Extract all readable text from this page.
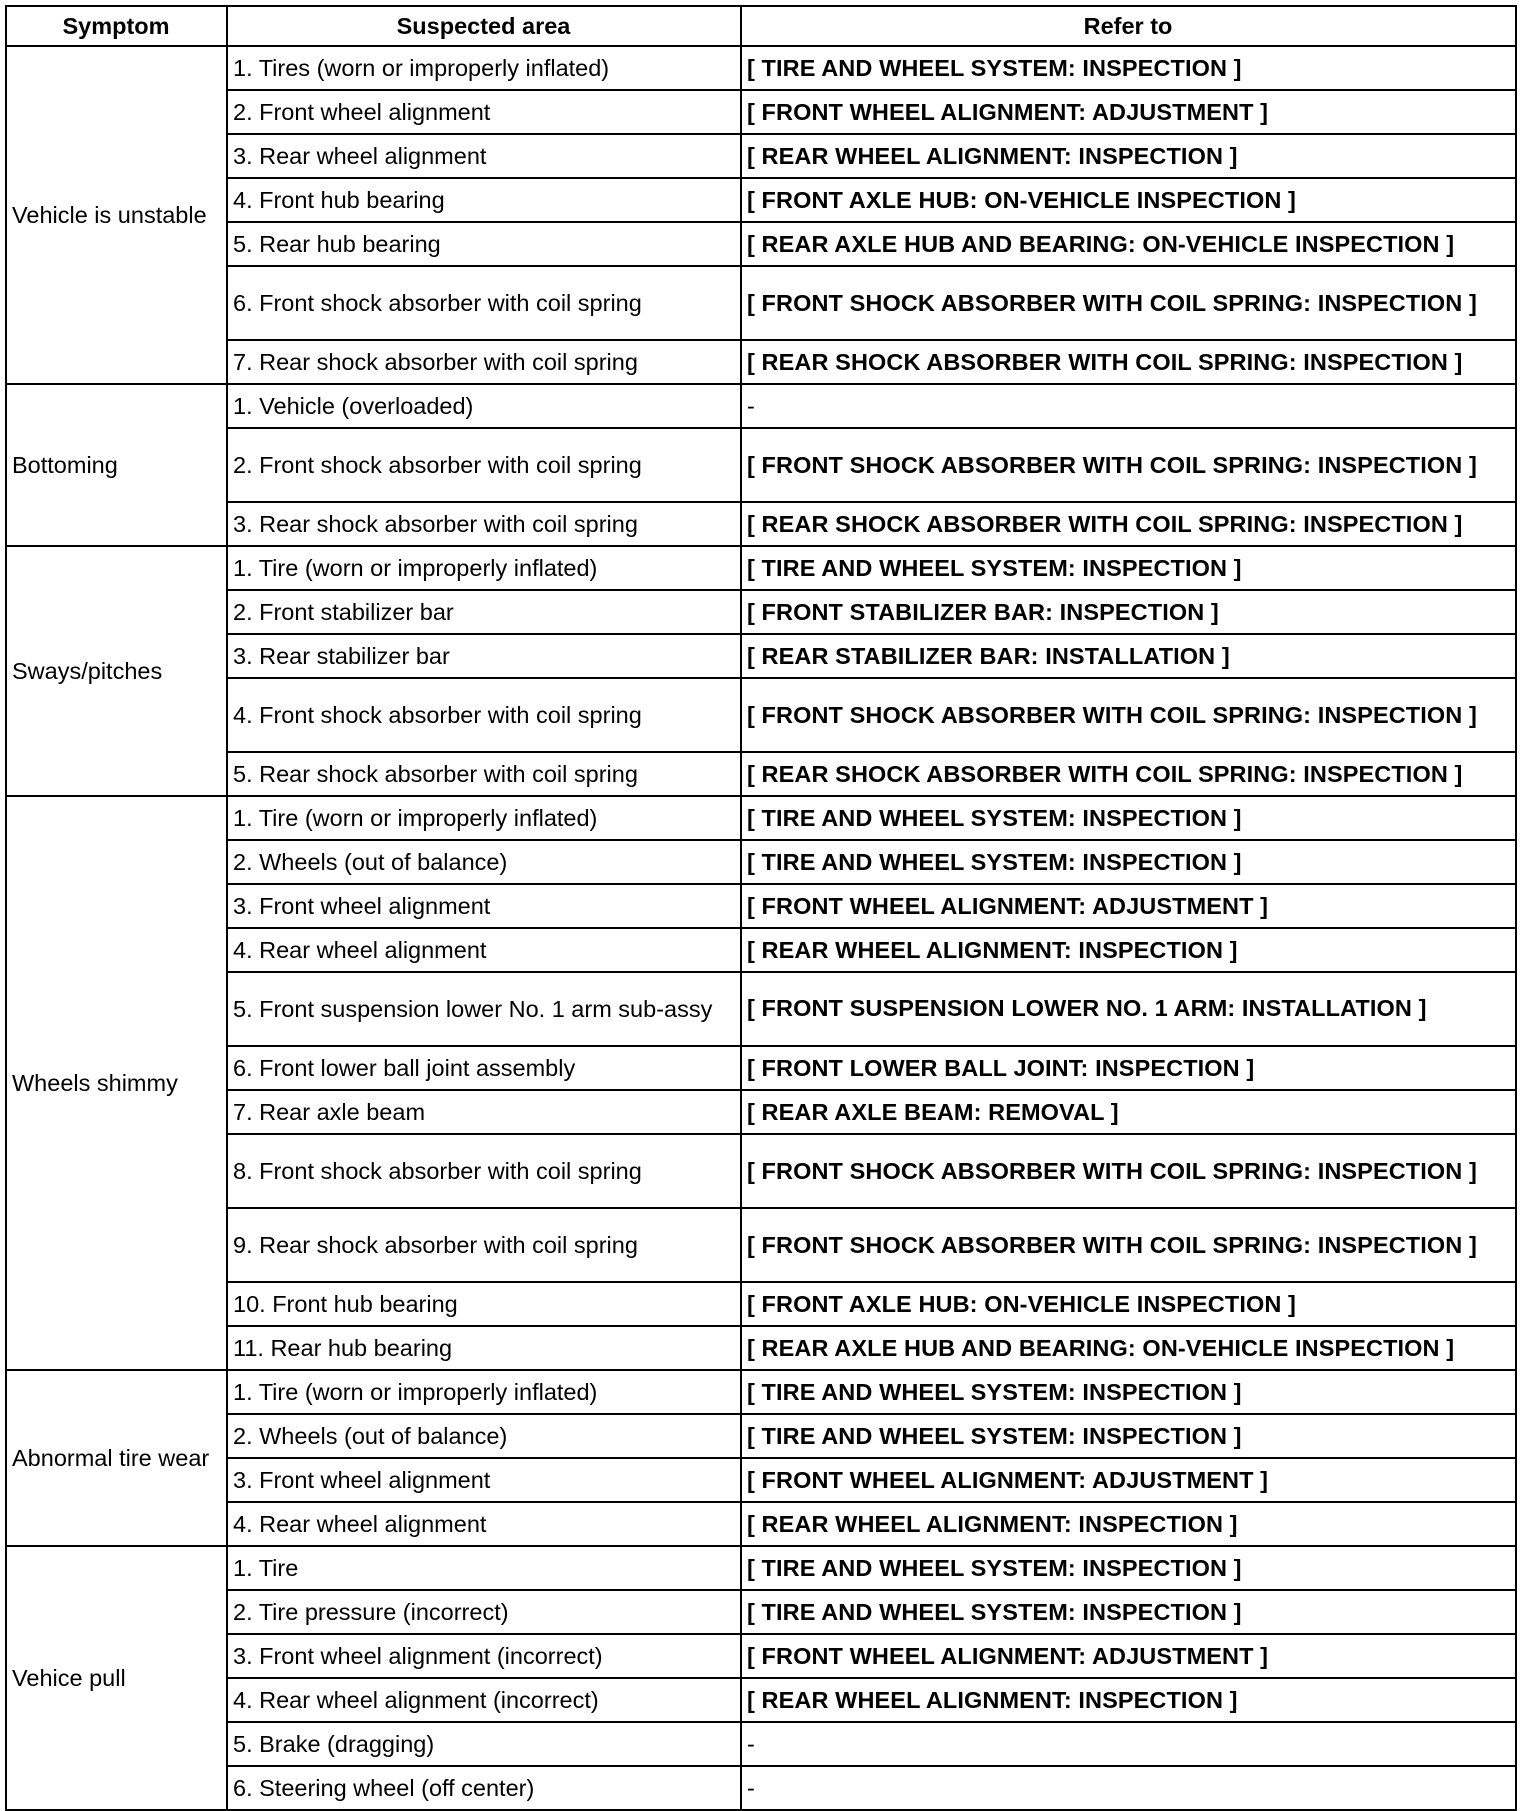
Symptom	Suspected area	Refer to
Vehicle is unstable	1. Tires (worn or improperly inflated)	[ TIRE AND WHEEL SYSTEM: INSPECTION ]
	2. Front wheel alignment	[ FRONT WHEEL ALIGNMENT: ADJUSTMENT ]
	3. Rear wheel alignment	[ REAR WHEEL ALIGNMENT: INSPECTION ]
	4. Front hub bearing	[ FRONT AXLE HUB: ON-VEHICLE INSPECTION ]
	5. Rear hub bearing	[ REAR AXLE HUB AND BEARING: ON-VEHICLE INSPECTION ]
	6. Front shock absorber with coil spring	[ FRONT SHOCK ABSORBER WITH COIL SPRING: INSPECTION ]
	7. Rear shock absorber with coil spring	[ REAR SHOCK ABSORBER WITH COIL SPRING: INSPECTION ]
Bottoming	1. Vehicle (overloaded)	-
	2. Front shock absorber with coil spring	[ FRONT SHOCK ABSORBER WITH COIL SPRING: INSPECTION ]
	3. Rear shock absorber with coil spring	[ REAR SHOCK ABSORBER WITH COIL SPRING: INSPECTION ]
Sways/pitches	1. Tire (worn or improperly inflated)	[ TIRE AND WHEEL SYSTEM: INSPECTION ]
	2. Front stabilizer bar	[ FRONT STABILIZER BAR: INSPECTION ]
	3. Rear stabilizer bar	[ REAR STABILIZER BAR: INSTALLATION ]
	4. Front shock absorber with coil spring	[ FRONT SHOCK ABSORBER WITH COIL SPRING: INSPECTION ]
	5. Rear shock absorber with coil spring	[ REAR SHOCK ABSORBER WITH COIL SPRING: INSPECTION ]
Wheels shimmy	1. Tire (worn or improperly inflated)	[ TIRE AND WHEEL SYSTEM: INSPECTION ]
	2. Wheels (out of balance)	[ TIRE AND WHEEL SYSTEM: INSPECTION ]
	3. Front wheel alignment	[ FRONT WHEEL ALIGNMENT: ADJUSTMENT ]
	4. Rear wheel alignment	[ REAR WHEEL ALIGNMENT: INSPECTION ]
	5. Front suspension lower No. 1 arm sub-assy	[ FRONT SUSPENSION LOWER NO. 1 ARM: INSTALLATION ]
	6. Front lower ball joint assembly	[ FRONT LOWER BALL JOINT: INSPECTION ]
	7. Rear axle beam	[ REAR AXLE BEAM: REMOVAL ]
	8. Front shock absorber with coil spring	[ FRONT SHOCK ABSORBER WITH COIL SPRING: INSPECTION ]
	9. Rear shock absorber with coil spring	[ FRONT SHOCK ABSORBER WITH COIL SPRING: INSPECTION ]
	10. Front hub bearing	[ FRONT AXLE HUB: ON-VEHICLE INSPECTION ]
	11. Rear hub bearing	[ REAR AXLE HUB AND BEARING: ON-VEHICLE INSPECTION ]
Abnormal tire wear	1. Tire (worn or improperly inflated)	[ TIRE AND WHEEL SYSTEM: INSPECTION ]
	2. Wheels (out of balance)	[ TIRE AND WHEEL SYSTEM: INSPECTION ]
	3. Front wheel alignment	[ FRONT WHEEL ALIGNMENT: ADJUSTMENT ]
	4. Rear wheel alignment	[ REAR WHEEL ALIGNMENT: INSPECTION ]
Vehice pull	1. Tire	[ TIRE AND WHEEL SYSTEM: INSPECTION ]
	2. Tire pressure (incorrect)	[ TIRE AND WHEEL SYSTEM: INSPECTION ]
	3. Front wheel alignment (incorrect)	[ FRONT WHEEL ALIGNMENT: ADJUSTMENT ]
	4. Rear wheel alignment (incorrect)	[ REAR WHEEL ALIGNMENT: INSPECTION ]
	5. Brake (dragging)	-
	6. Steering wheel (off center)	-
